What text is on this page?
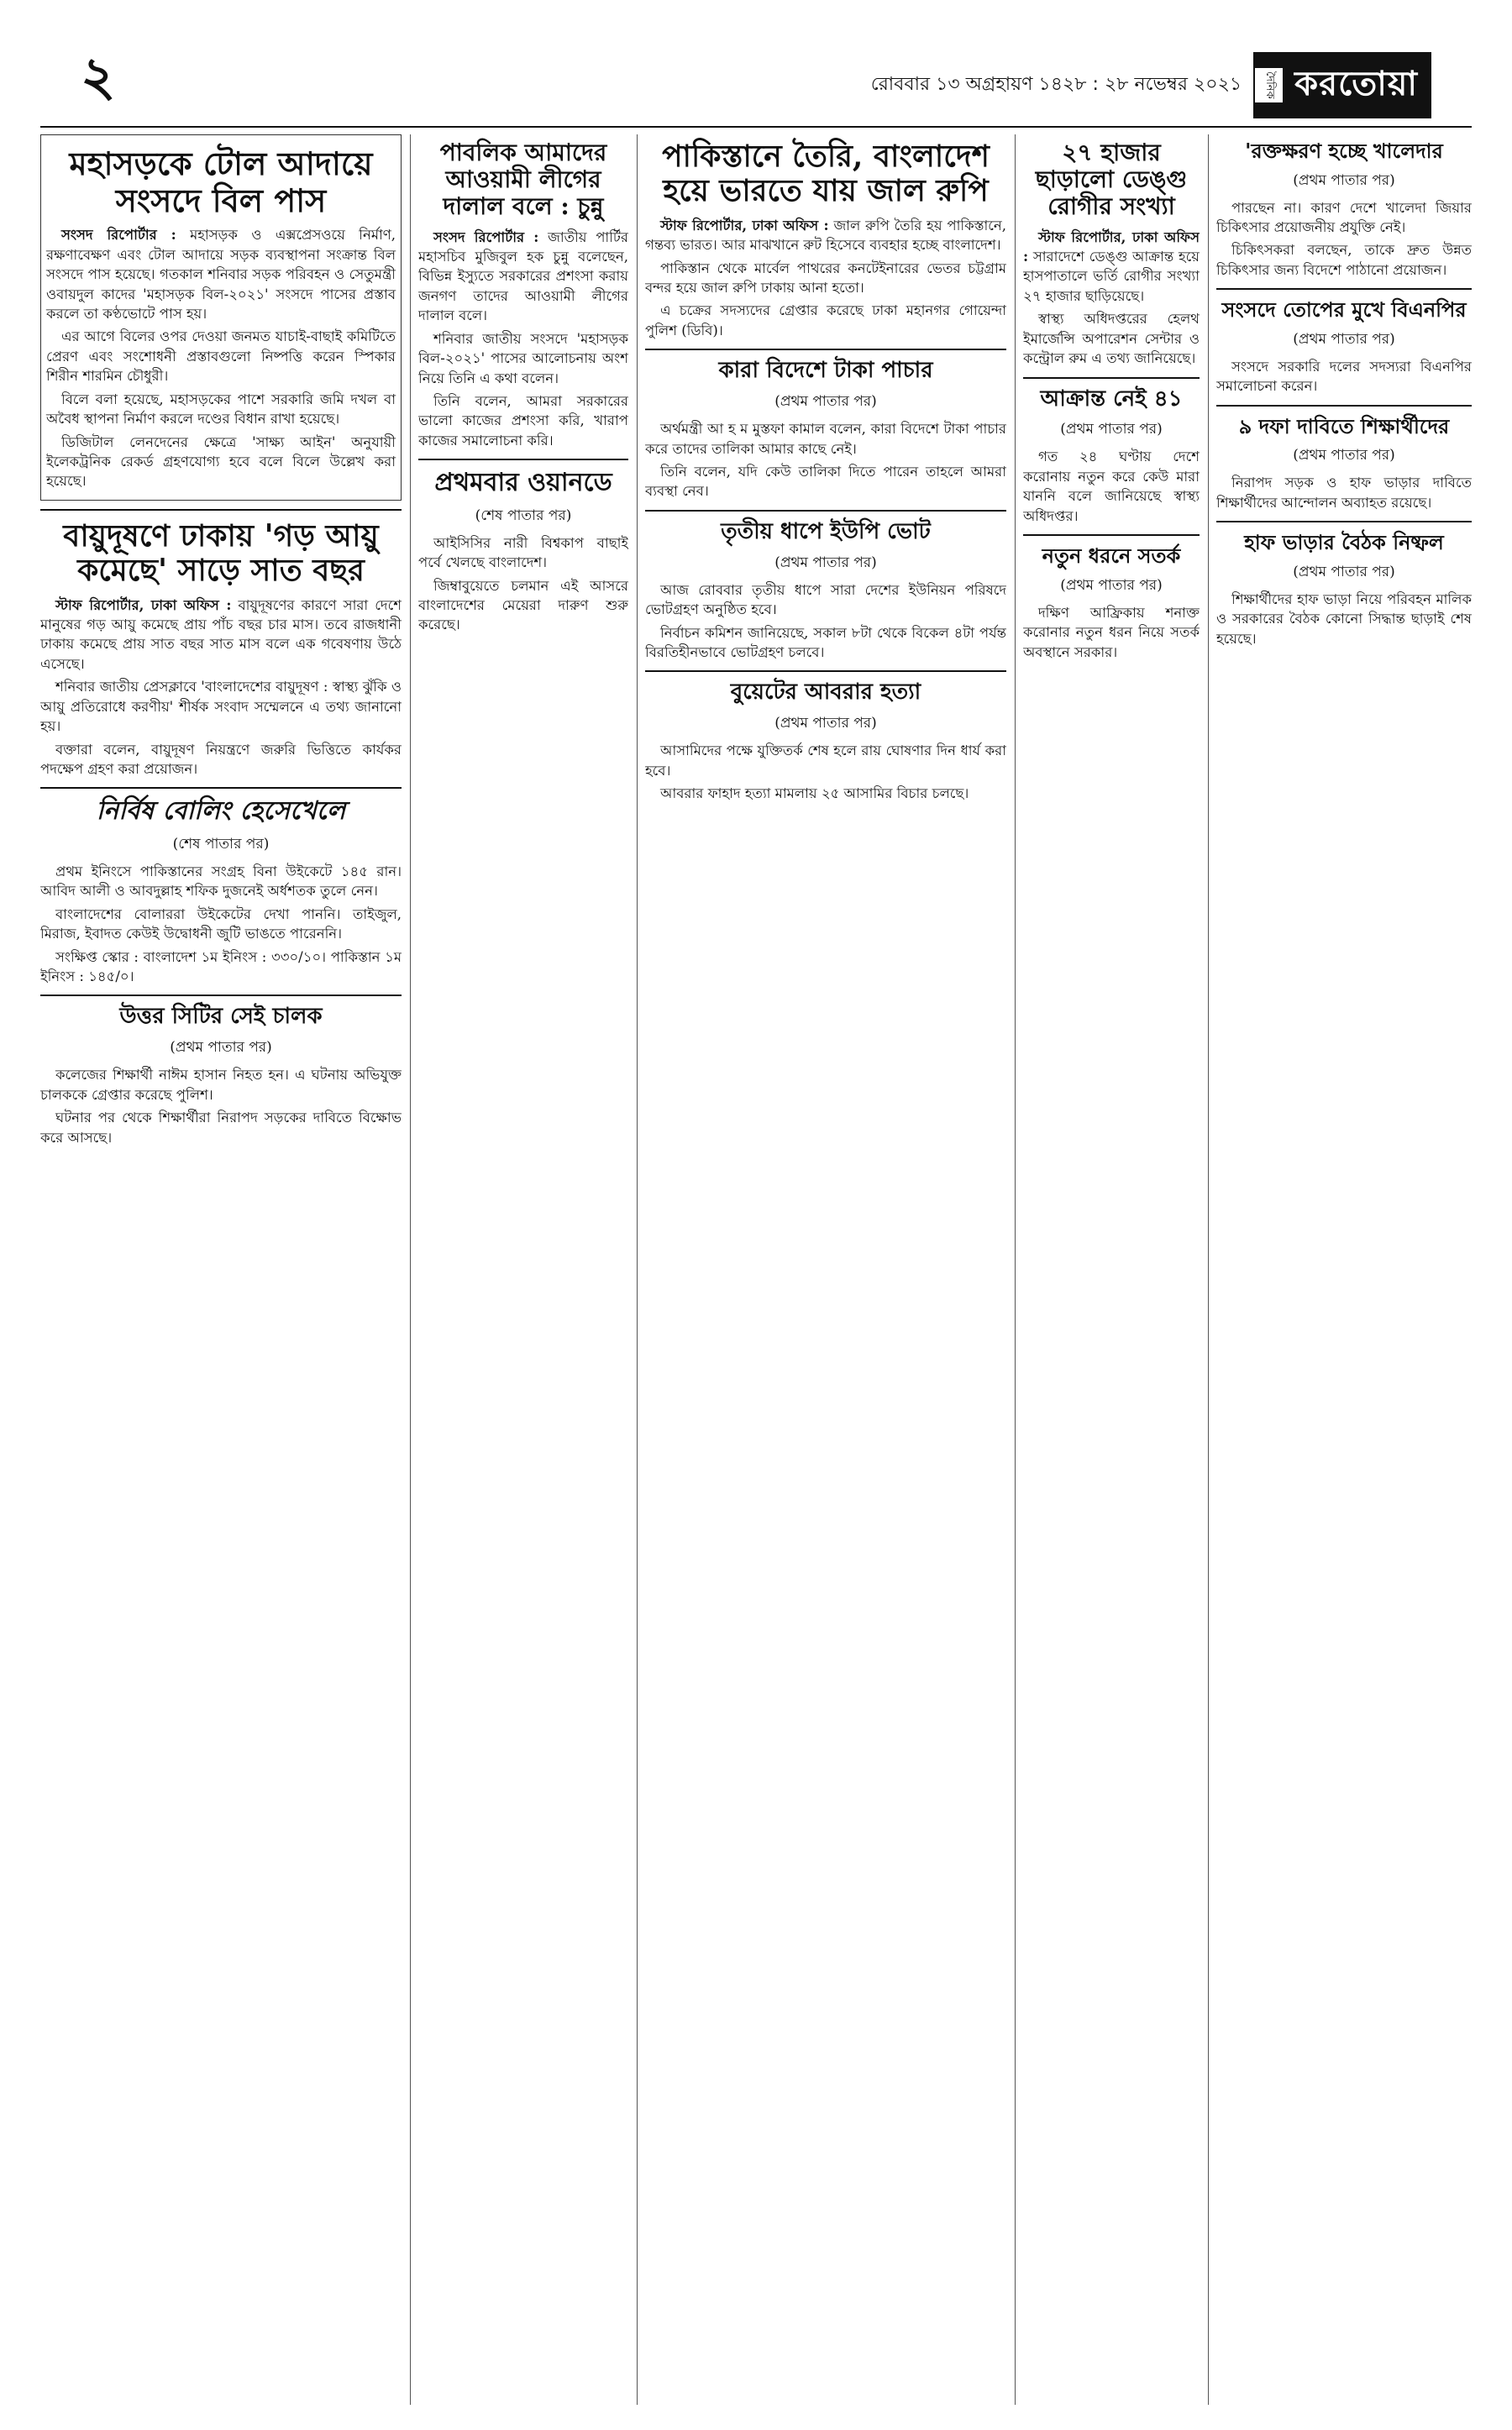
২	রোববার ১৩ অগ্রহায়ণ ১৪২৮ : ২৮ নভেম্বর ২০২১	দৈনিক করতোয়া
মহাসড়কে টোল আদায়ে সংসদে বিল পাস

সংসদ রিপোর্টার : মহাসড়ক ও এক্সপ্রেসওয়ে নির্মাণ, রক্ষণাবেক্ষণ এবং টোল আদায়ে সড়ক ব্যবস্থাপনা সংক্রান্ত বিল সংসদে পাস হয়েছে। গতকাল শনিবার সড়ক পরিবহন ও সেতুমন্ত্রী ওবায়দুল কাদের 'মহাসড়ক বিল-২০২১' সংসদে পাসের প্রস্তাব করলে তা কণ্ঠভোটে পাস হয়।

এর আগে বিলের ওপর দেওয়া জনমত যাচাই-বাছাই কমিটিতে প্রেরণ এবং সংশোধনী প্রস্তাবগুলো নিষ্পত্তি করেন স্পিকার শিরীন শারমিন চৌধুরী।

বিলে বলা হয়েছে, মহাসড়কের পাশে সরকারি জমি দখল বা অবৈধ স্থাপনা নির্মাণ করলে দণ্ডের বিধান রাখা হয়েছে।

ডিজিটাল লেনদেনের ক্ষেত্রে 'সাক্ষ্য আইন' অনুযায়ী ইলেকট্রনিক রেকর্ড গ্রহণযোগ্য হবে বলে বিলে উল্লেখ করা হয়েছে।

বায়ুদূষণে ঢাকায় 'গড় আয়ু কমেছে' সাড়ে সাত বছর

স্টাফ রিপোর্টার, ঢাকা অফিস : বায়ুদূষণের কারণে সারা দেশে মানুষের গড় আয়ু কমেছে প্রায় পাঁচ বছর চার মাস। তবে রাজধানী ঢাকায় কমেছে প্রায় সাত বছর সাত মাস বলে এক গবেষণায় উঠে এসেছে।

শনিবার জাতীয় প্রেসক্লাবে 'বাংলাদেশের বায়ুদূষণ : স্বাস্থ্য ঝুঁকি ও আয়ু প্রতিরোধে করণীয়' শীর্ষক সংবাদ সম্মেলনে এ তথ্য জানানো হয়।

বক্তারা বলেন, বায়ুদূষণ নিয়ন্ত্রণে জরুরি ভিত্তিতে কার্যকর পদক্ষেপ গ্রহণ করা প্রয়োজন।

নির্বিষ বোলিং হেসেখেলে
(শেষ পাতার পর)

প্রথম ইনিংসে পাকিস্তানের সংগ্রহ বিনা উইকেটে ১৪৫ রান। আবিদ আলী ও আবদুল্লাহ শফিক দুজনেই অর্ধশতক তুলে নেন।

বাংলাদেশের বোলাররা উইকেটের দেখা পাননি। তাইজুল, মিরাজ, ইবাদত কেউই উদ্বোধনী জুটি ভাঙতে পারেননি।

সংক্ষিপ্ত স্কোর : বাংলাদেশ ১ম ইনিংস : ৩৩০/১০। পাকিস্তান ১ম ইনিংস : ১৪৫/০।

উত্তর সিটির সেই চালক
(প্রথম পাতার পর)

কলেজের শিক্ষার্থী নাঈম হাসান নিহত হন। এ ঘটনায় অভিযুক্ত চালককে গ্রেপ্তার করেছে পুলিশ।

ঘটনার পর থেকে শিক্ষার্থীরা নিরাপদ সড়কের দাবিতে বিক্ষোভ করে আসছে।

পাবলিক আমাদের আওয়ামী লীগের দালাল বলে : চুন্নু

সংসদ রিপোর্টার : জাতীয় পার্টির মহাসচিব মুজিবুল হক চুন্নু বলেছেন, বিভিন্ন ইস্যুতে সরকারের প্রশংসা করায় জনগণ তাদের আওয়ামী লীগের দালাল বলে।

শনিবার জাতীয় সংসদে 'মহাসড়ক বিল-২০২১' পাসের আলোচনায় অংশ নিয়ে তিনি এ কথা বলেন।

তিনি বলেন, আমরা সরকারের ভালো কাজের প্রশংসা করি, খারাপ কাজের সমালোচনা করি।

প্রথমবার ওয়ানডে
(শেষ পাতার পর)

আইসিসির নারী বিশ্বকাপ বাছাই পর্বে খেলছে বাংলাদেশ।

জিম্বাবুয়েতে চলমান এই আসরে বাংলাদেশের মেয়েরা দারুণ শুরু করেছে।

পাকিস্তানে তৈরি, বাংলাদেশ হয়ে ভারতে যায় জাল রুপি

স্টাফ রিপোর্টার, ঢাকা অফিস : জাল রুপি তৈরি হয় পাকিস্তানে, গন্তব্য ভারত। আর মাঝখানে রুট হিসেবে ব্যবহার হচ্ছে বাংলাদেশ।

পাকিস্তান থেকে মার্বেল পাথরের কনটেইনারের ভেতর চট্টগ্রাম বন্দর হয়ে জাল রুপি ঢাকায় আনা হতো।

এ চক্রের সদস্যদের গ্রেপ্তার করেছে ঢাকা মহানগর গোয়েন্দা পুলিশ (ডিবি)।

কারা বিদেশে টাকা পাচার
(প্রথম পাতার পর)

অর্থমন্ত্রী আ হ ম মুস্তফা কামাল বলেন, কারা বিদেশে টাকা পাচার করে তাদের তালিকা আমার কাছে নেই।

তিনি বলেন, যদি কেউ তালিকা দিতে পারেন তাহলে আমরা ব্যবস্থা নেব।

তৃতীয় ধাপে ইউপি ভোট
(প্রথম পাতার পর)

আজ রোববার তৃতীয় ধাপে সারা দেশের ইউনিয়ন পরিষদে ভোটগ্রহণ অনুষ্ঠিত হবে।

নির্বাচন কমিশন জানিয়েছে, সকাল ৮টা থেকে বিকেল ৪টা পর্যন্ত বিরতিহীনভাবে ভোটগ্রহণ চলবে।

বুয়েটের আবরার হত্যা
(প্রথম পাতার পর)

আসামিদের পক্ষে যুক্তিতর্ক শেষ হলে রায় ঘোষণার দিন ধার্য করা হবে।

আবরার ফাহাদ হত্যা মামলায় ২৫ আসামির বিচার চলছে।

২৭ হাজার ছাড়ালো ডেঙ্গু রোগীর সংখ্যা

স্টাফ রিপোর্টার, ঢাকা অফিস : সারাদেশে ডেঙ্গু আক্রান্ত হয়ে হাসপাতালে ভর্তি রোগীর সংখ্যা ২৭ হাজার ছাড়িয়েছে।

স্বাস্থ্য অধিদপ্তরের হেলথ ইমার্জেন্সি অপারেশন সেন্টার ও কন্ট্রোল রুম এ তথ্য জানিয়েছে।

আক্রান্ত নেই ৪১
(প্রথম পাতার পর)

গত ২৪ ঘণ্টায় দেশে করোনায় নতুন করে কেউ মারা যাননি বলে জানিয়েছে স্বাস্থ্য অধিদপ্তর।

নতুন ধরনে সতর্ক
(প্রথম পাতার পর)

দক্ষিণ আফ্রিকায় শনাক্ত করোনার নতুন ধরন নিয়ে সতর্ক অবস্থানে সরকার।

'রক্তক্ষরণ হচ্ছে খালেদার
(প্রথম পাতার পর)

পারছেন না। কারণ দেশে খালেদা জিয়ার চিকিৎসার প্রয়োজনীয় প্রযুক্তি নেই।

চিকিৎসকরা বলছেন, তাকে দ্রুত উন্নত চিকিৎসার জন্য বিদেশে পাঠানো প্রয়োজন।

সংসদে তোপের মুখে বিএনপির
(প্রথম পাতার পর)

সংসদে সরকারি দলের সদস্যরা বিএনপির সমালোচনা করেন।

৯ দফা দাবিতে শিক্ষার্থীদের
(প্রথম পাতার পর)

নিরাপদ সড়ক ও হাফ ভাড়ার দাবিতে শিক্ষার্থীদের আন্দোলন অব্যাহত রয়েছে।

হাফ ভাড়ার বৈঠক নিষ্ফল
(প্রথম পাতার পর)

শিক্ষার্থীদের হাফ ভাড়া নিয়ে পরিবহন মালিক ও সরকারের বৈঠক কোনো সিদ্ধান্ত ছাড়াই শেষ হয়েছে।
